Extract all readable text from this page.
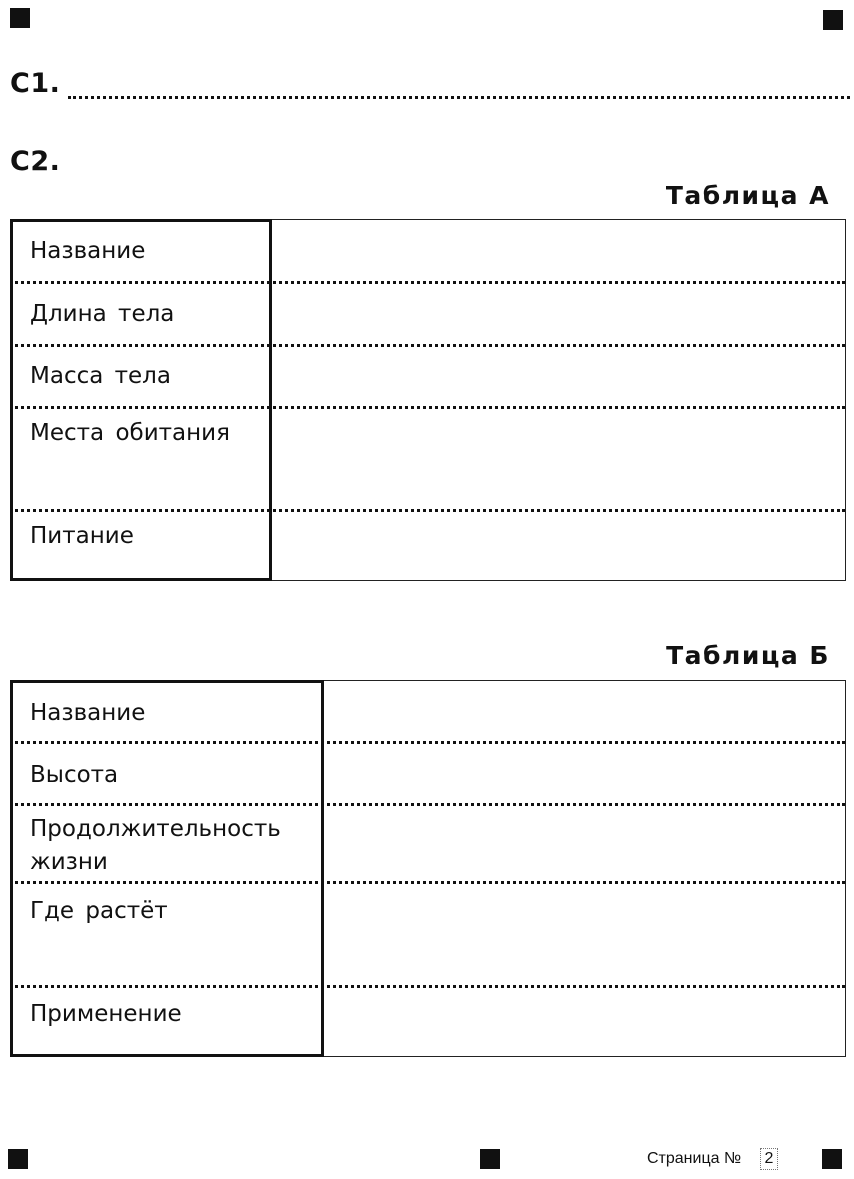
С1.
С2.
Таблица А
Название
Длина тела
Масса тела
Места обитания
Питание
Таблица Б
Название
Высота
Продолжительность жизни
Где растёт
Применение
Страница № 2
